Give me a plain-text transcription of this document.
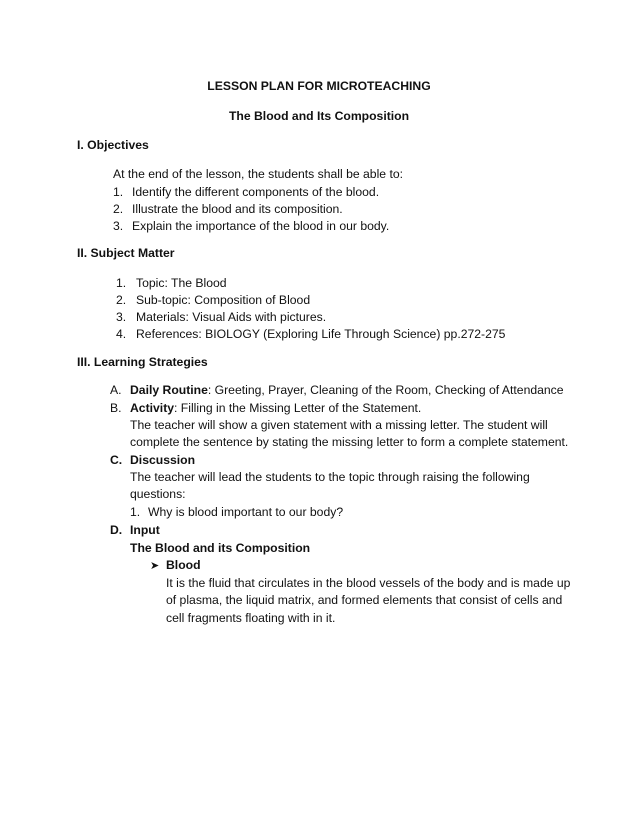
LESSON PLAN FOR MICROTEACHING
The Blood and Its Composition
I. Objectives
At the end of the lesson, the students shall be able to:
1. Identify the different components of the blood.
2. Illustrate the blood and its composition.
3. Explain the importance of the blood in our body.
II. Subject Matter
1. Topic: The Blood
2. Sub-topic: Composition of Blood
3. Materials: Visual Aids with pictures.
4. References: BIOLOGY (Exploring Life Through Science) pp.272-275
III. Learning Strategies
A. Daily Routine: Greeting, Prayer, Cleaning of the Room, Checking of Attendance
B. Activity: Filling in the Missing Letter of the Statement.
The teacher will show a given statement with a missing letter. The student will
complete the sentence by stating the missing letter to form a complete statement.
C. Discussion
The teacher will lead the students to the topic through raising the following
questions:
1. Why is blood important to our body?
D. Input
The Blood and its Composition
➤ Blood
It is the fluid that circulates in the blood vessels of the body and is made up
of plasma, the liquid matrix, and formed elements that consist of cells and
cell fragments floating with in it.
